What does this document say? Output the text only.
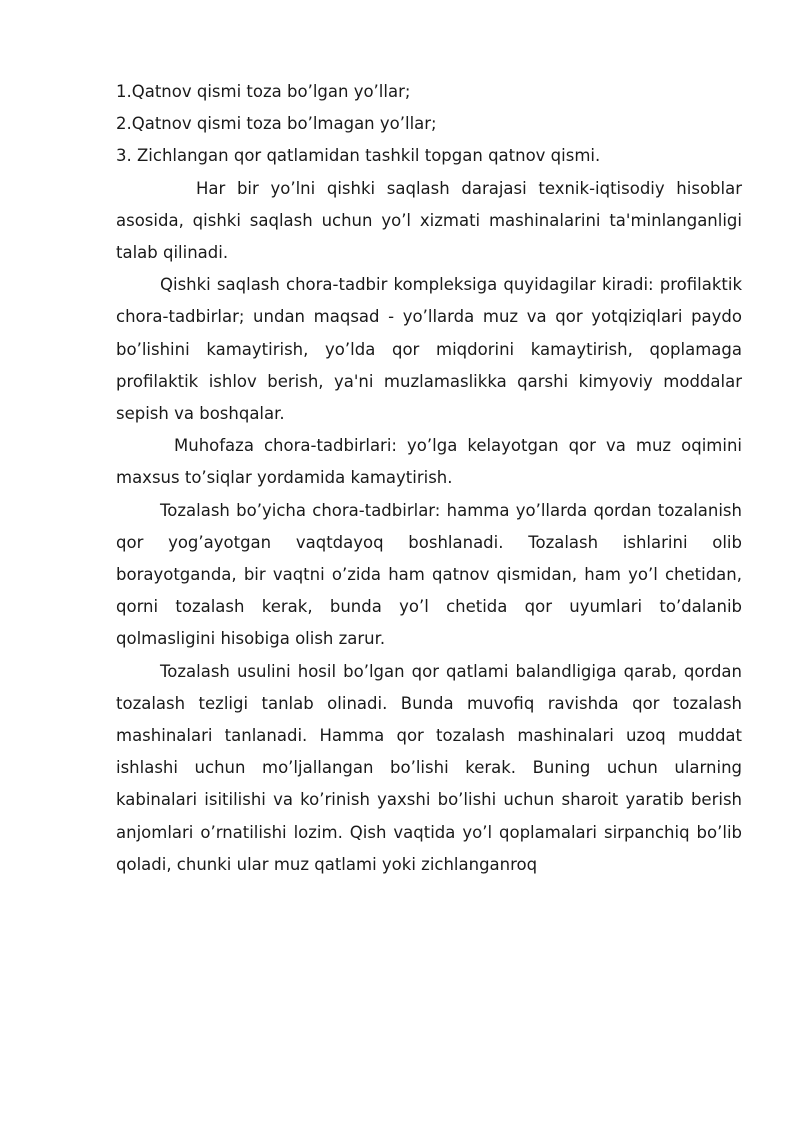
1.Qatnov qismi toza bo’lgan yo’llar;

2.Qatnov qismi toza bo’lmagan yo’llar;

3. Zichlangan qor qatlamidan tashkil topgan qatnov qismi.

Har bir yo’lni qishki saqlash darajasi texnik-iqtisodiy hisoblar asosida, qishki saqlash uchun yo’l xizmati mashinalarini ta'minlanganligi talab qilinadi.

Qishki saqlash chora-tadbir kompleksiga quyidagilar kiradi: profilaktik chora-tadbirlar; undan maqsad - yo’llarda muz va qor yotqiziqlari paydo bo’lishini kamaytirish, yo’lda qor miqdorini kamaytirish, qoplamaga profilaktik ishlov berish, ya'ni muzlamaslikka qarshi kimyoviy moddalar sepish va boshqalar.

Muhofaza chora-tadbirlari: yo’lga kelayotgan qor va muz oqimini maxsus to’siqlar yordamida kamaytirish.

Tozalash bo’yicha chora-tadbirlar: hamma yo’llarda qordan tozalanish qor yog’ayotgan vaqtdayoq boshlanadi. Tozalash ishlarini olib borayotganda, bir vaqtni o’zida ham qatnov qismidan, ham yo’l chetidan, qorni tozalash kerak, bunda yo’l chetida qor uyumlari to’dalanib qolmasligini hisobiga olish zarur.

Tozalash usulini hosil bo’lgan qor qatlami balandligiga qarab, qordan tozalash tezligi tanlab olinadi. Bunda muvofiq ravishda qor tozalash mashinalari tanlanadi. Hamma qor tozalash mashinalari uzoq muddat ishlashi uchun mo’ljallangan bo’lishi kerak. Buning uchun ularning kabinalari isitilishi va ko’rinish yaxshi bo’lishi uchun sharoit yaratib berish anjomlari o’rnatilishi lozim. Qish vaqtida yo’l qoplamalari sirpanchiq bo’lib qoladi, chunki ular muz qatlami yoki zichlanganroq
